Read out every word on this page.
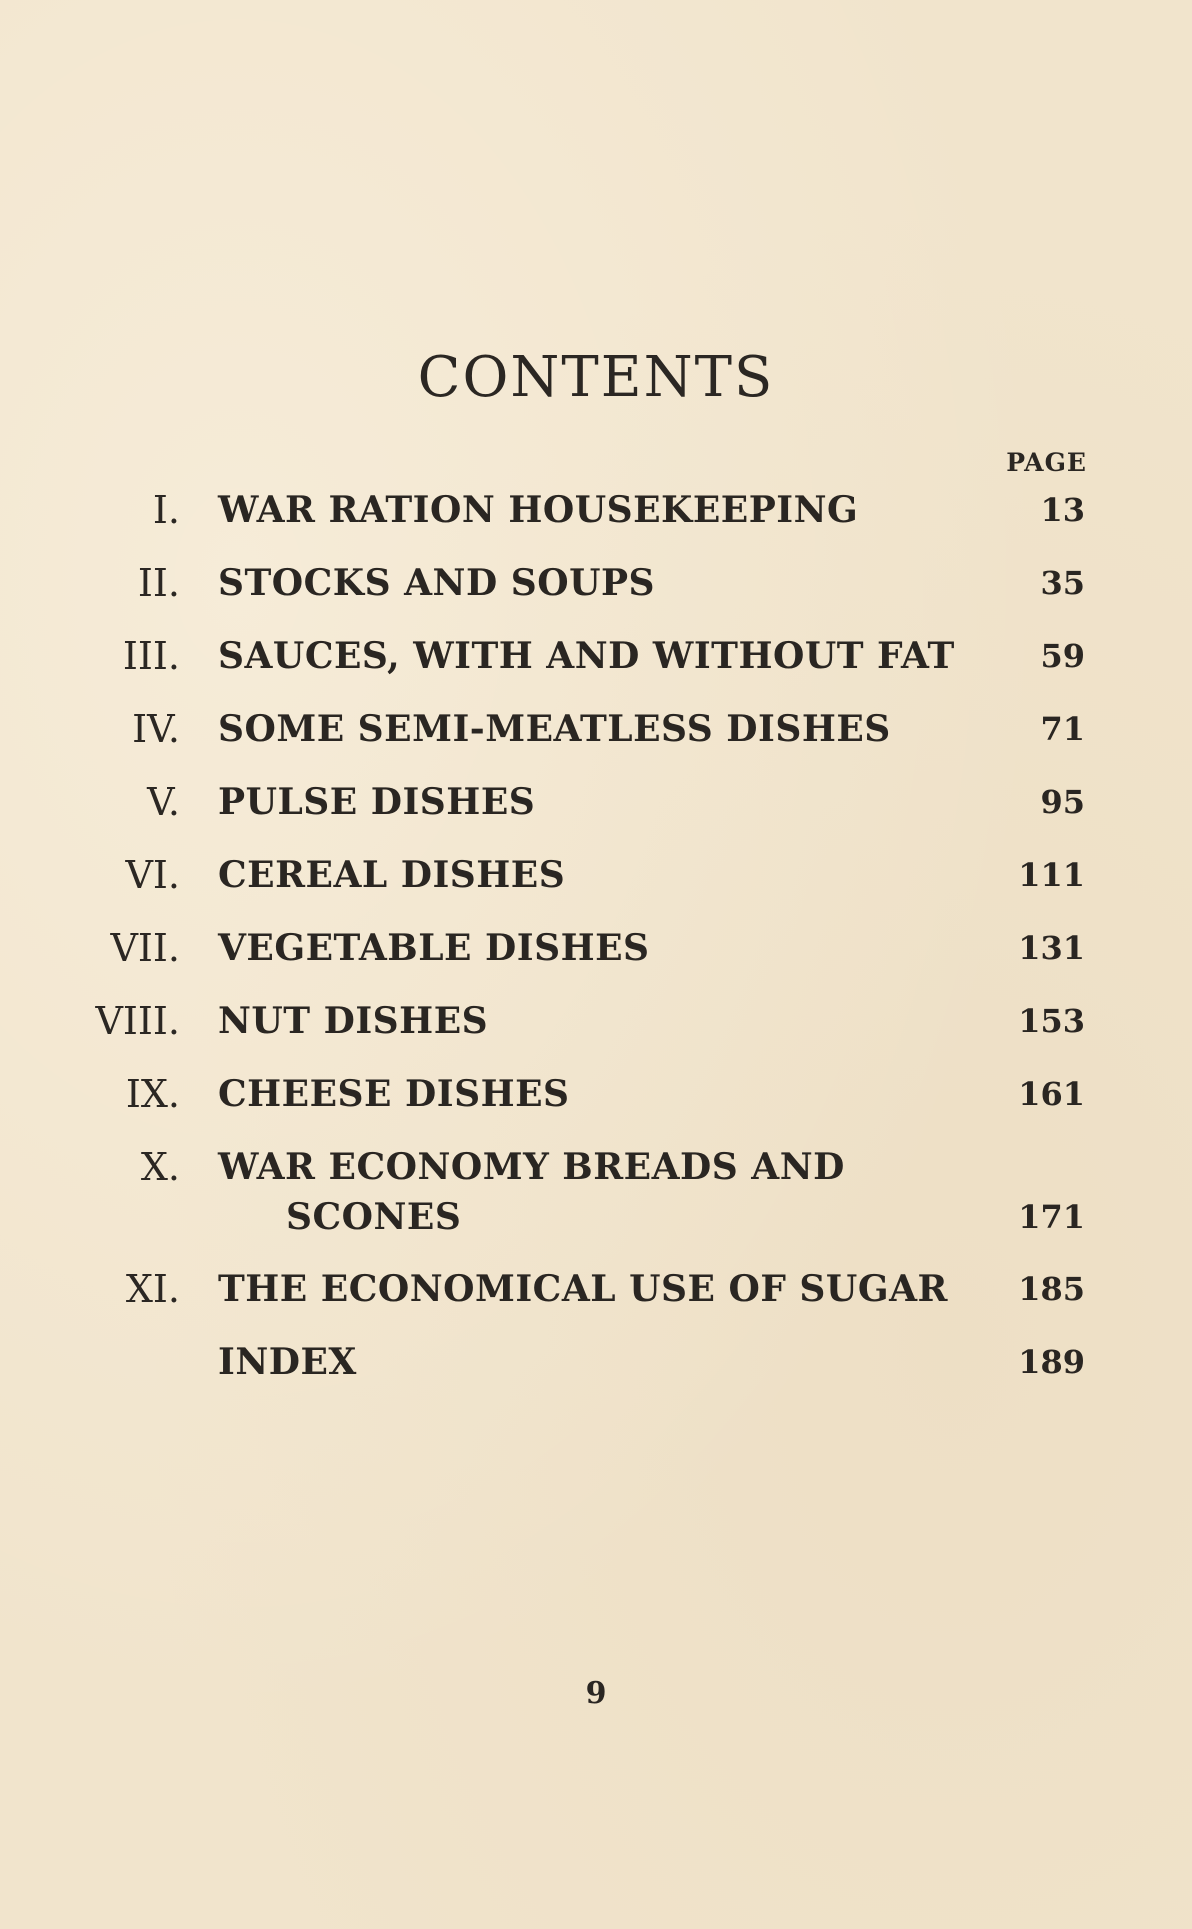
CONTENTS
PAGE
I. WAR RATION HOUSEKEEPING	13
II. STOCKS AND SOUPS	35
III. SAUCES, WITH AND WITHOUT FAT	59
IV. SOME SEMI-MEATLESS DISHES	71
V. PULSE DISHES	95
VI. CEREAL DISHES	111
VII. VEGETABLE DISHES	131
VIII. NUT DISHES	153
IX. CHEESE DISHES	161
X. WAR ECONOMY BREADS AND
SCONES	171
XI. THE ECONOMICAL USE OF SUGAR 185
INDEX	189
9
